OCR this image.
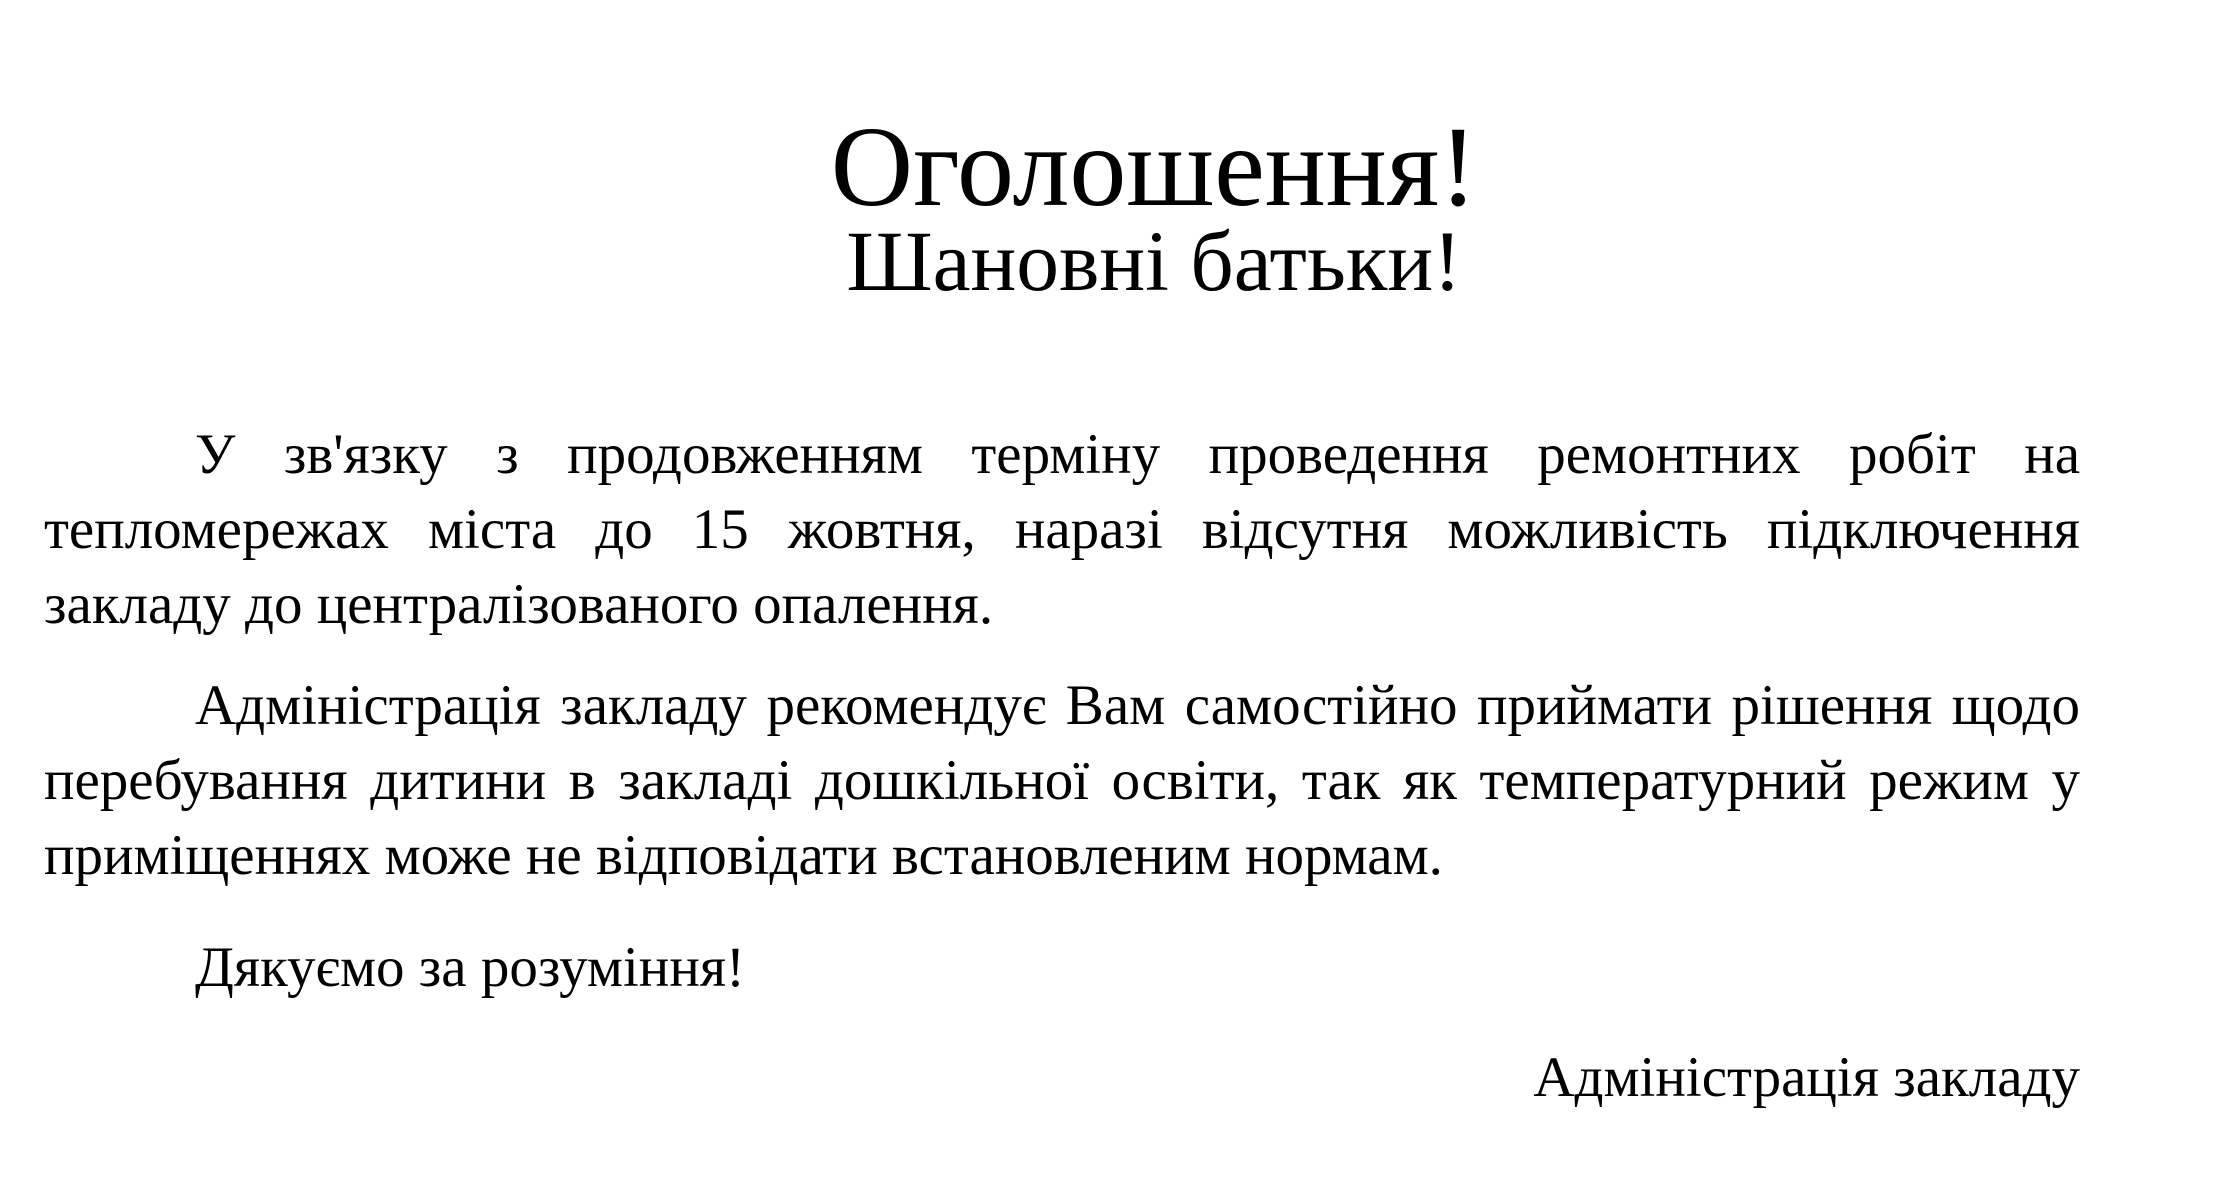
Оголошення!
Шановні батьки!

У зв'язку з продовженням терміну проведення ремонтних робіт на тепломережах міста до 15 жовтня, наразі відсутня можливість підключення закладу до централізованого опалення.

Адміністрація закладу рекомендує Вам самостійно приймати рішення щодо перебування дитини в закладі дошкільної освіти, так як температурний режим у приміщеннях може не відповідати встановленим нормам.

Дякуємо за розуміння!

Адміністрація закладу
